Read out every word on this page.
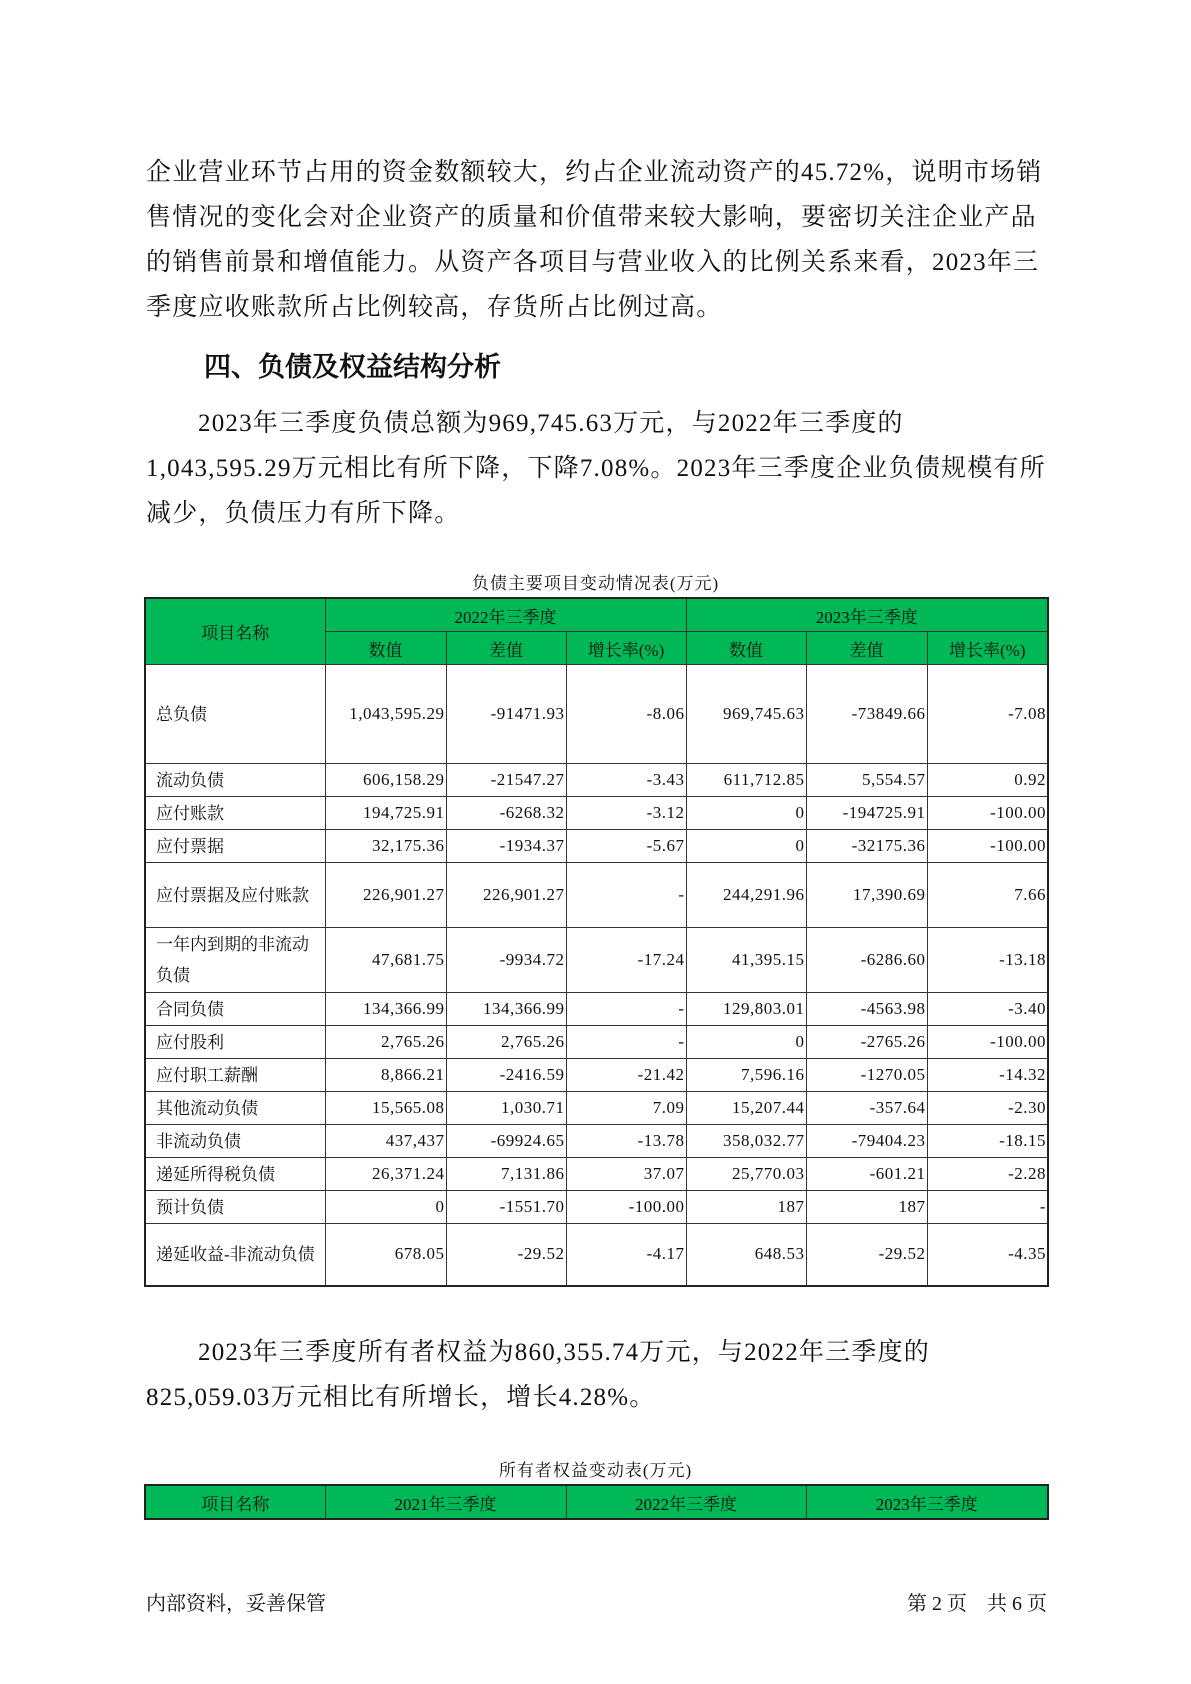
企业营业环节占用的资金数额较大，约占企业流动资产的45.72%，说明市场销售情况的变化会对企业资产的质量和价值带来较大影响，要密切关注企业产品的销售前景和增值能力。从资产各项目与营业收入的比例关系来看，2023年三季度应收账款所占比例较高，存货所占比例过高。

四、负债及权益结构分析

2023年三季度负债总额为969,745.63万元，与2022年三季度的1,043,595.29万元相比有所下降，下降7.08%。2023年三季度企业负债规模有所减少，负债压力有所下降。

负债主要项目变动情况表(万元)
项目名称	2022年三季度			2023年三季度		
	数值	差值	增长率(%)	数值	差值	增长率(%)
总负债	1,043,595.29	-91471.93	-8.06	969,745.63	-73849.66	-7.08
流动负债	606,158.29	-21547.27	-3.43	611,712.85	5,554.57	0.92
应付账款	194,725.91	-6268.32	-3.12	0	-194725.91	-100.00
应付票据	32,175.36	-1934.37	-5.67	0	-32175.36	-100.00
应付票据及应付账款	226,901.27	226,901.27	-	244,291.96	17,390.69	7.66
一年内到期的非流动负债	47,681.75	-9934.72	-17.24	41,395.15	-6286.60	-13.18
合同负债	134,366.99	134,366.99	-	129,803.01	-4563.98	-3.40
应付股利	2,765.26	2,765.26	-	0	-2765.26	-100.00
应付职工薪酬	8,866.21	-2416.59	-21.42	7,596.16	-1270.05	-14.32
其他流动负债	15,565.08	1,030.71	7.09	15,207.44	-357.64	-2.30
非流动负债	437,437	-69924.65	-13.78	358,032.77	-79404.23	-18.15
递延所得税负债	26,371.24	7,131.86	37.07	25,770.03	-601.21	-2.28
预计负债	0	-1551.70	-100.00	187	187	-
递延收益-非流动负债	678.05	-29.52	-4.17	648.53	-29.52	-4.35

2023年三季度所有者权益为860,355.74万元，与2022年三季度的825,059.03万元相比有所增长，增长4.28%。

所有者权益变动表(万元)
项目名称	2021年三季度	2022年三季度	2023年三季度
内部资料，妥善保管	第 2 页　共 6 页
